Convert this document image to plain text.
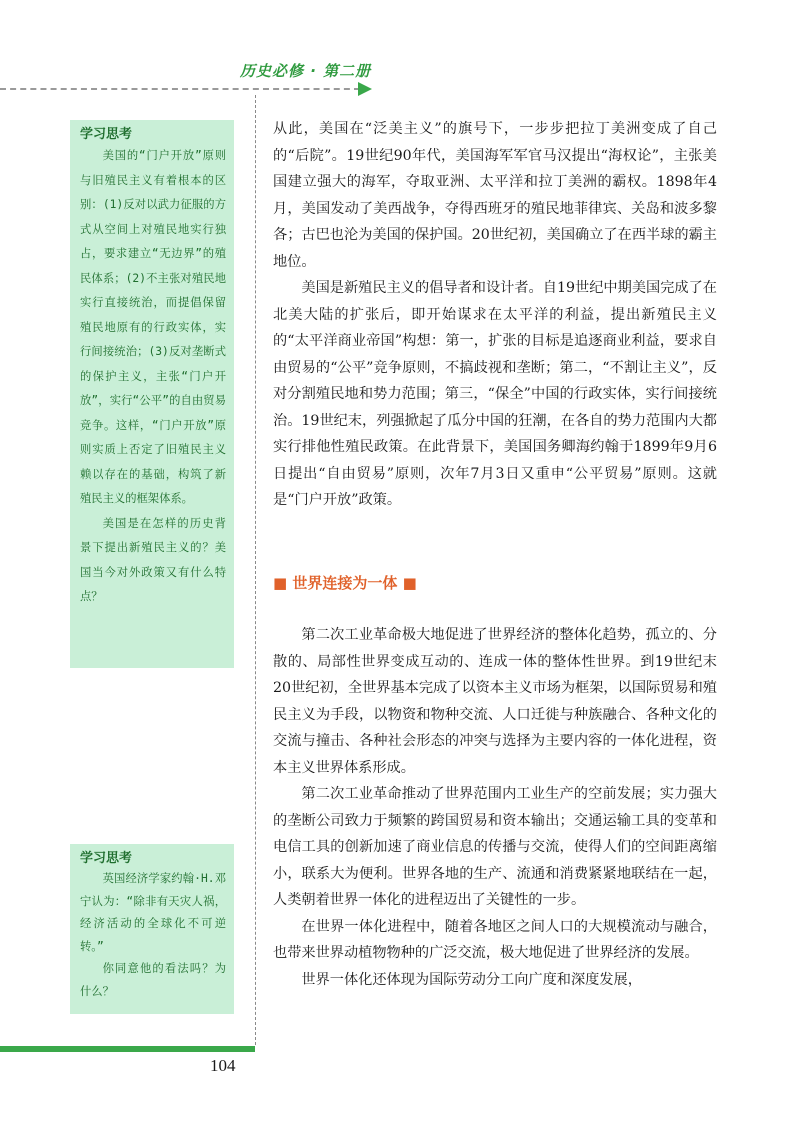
历史必修 · 第二册
学习思考
美国的“门户开放”原则与旧殖民主义有着根本的区别：(1)反对以武力征服的方式从空间上对殖民地实行独占，要求建立“无边界”的殖民体系；(2)不主张对殖民地实行直接统治，而提倡保留殖民地原有的行政实体，实行间接统治；(3)反对垄断式的保护主义，主张“门户开放”，实行“公平”的自由贸易竞争。这样，“门户开放”原则实质上否定了旧殖民主义赖以存在的基础，构筑了新殖民主义的框架体系。
美国是在怎样的历史背景下提出新殖民主义的？美国当今对外政策又有什么特点？
学习思考
英国经济学家约翰·H.邓宁认为：“除非有天灾人祸，经济活动的全球化不可逆转。”
你同意他的看法吗？为什么？

从此，美国在“泛美主义”的旗号下，一步步把拉丁美洲变成了自己的“后院”。19世纪90年代，美国海军军官马汉提出“海权论”，主张美国建立强大的海军，夺取亚洲、太平洋和拉丁美洲的霸权。1898年4月，美国发动了美西战争，夺得西班牙的殖民地菲律宾、关岛和波多黎各；古巴也沦为美国的保护国。20世纪初，美国确立了在西半球的霸主地位。

美国是新殖民主义的倡导者和设计者。自19世纪中期美国完成了在北美大陆的扩张后，即开始谋求在太平洋的利益，提出新殖民主义的“太平洋商业帝国”构想：第一，扩张的目标是追逐商业利益，要求自由贸易的“公平”竞争原则，不搞歧视和垄断；第二，“不割让主义”，反对分割殖民地和势力范围；第三，“保全”中国的行政实体，实行间接统治。19世纪末，列强掀起了瓜分中国的狂潮，在各自的势力范围内大都实行排他性殖民政策。在此背景下，美国国务卿海约翰于1899年9月6日提出“自由贸易”原则，次年7月3日又重申“公平贸易”原则。这就是“门户开放”政策。

■ 世界连接为一体 ■

第二次工业革命极大地促进了世界经济的整体化趋势，孤立的、分散的、局部性世界变成互动的、连成一体的整体性世界。到19世纪末20世纪初，全世界基本完成了以资本主义市场为框架，以国际贸易和殖民主义为手段，以物资和物种交流、人口迁徙与种族融合、各种文化的交流与撞击、各种社会形态的冲突与选择为主要内容的一体化进程，资本主义世界体系形成。

第二次工业革命推动了世界范围内工业生产的空前发展；实力强大的垄断公司致力于频繁的跨国贸易和资本输出；交通运输工具的变革和电信工具的创新加速了商业信息的传播与交流，使得人们的空间距离缩小，联系大为便利。世界各地的生产、流通和消费紧紧地联结在一起，人类朝着世界一体化的进程迈出了关键性的一步。

在世界一体化进程中，随着各地区之间人口的大规模流动与融合，也带来世界动植物物种的广泛交流，极大地促进了世界经济的发展。

世界一体化还体现为国际劳动分工向广度和深度发展，

104
